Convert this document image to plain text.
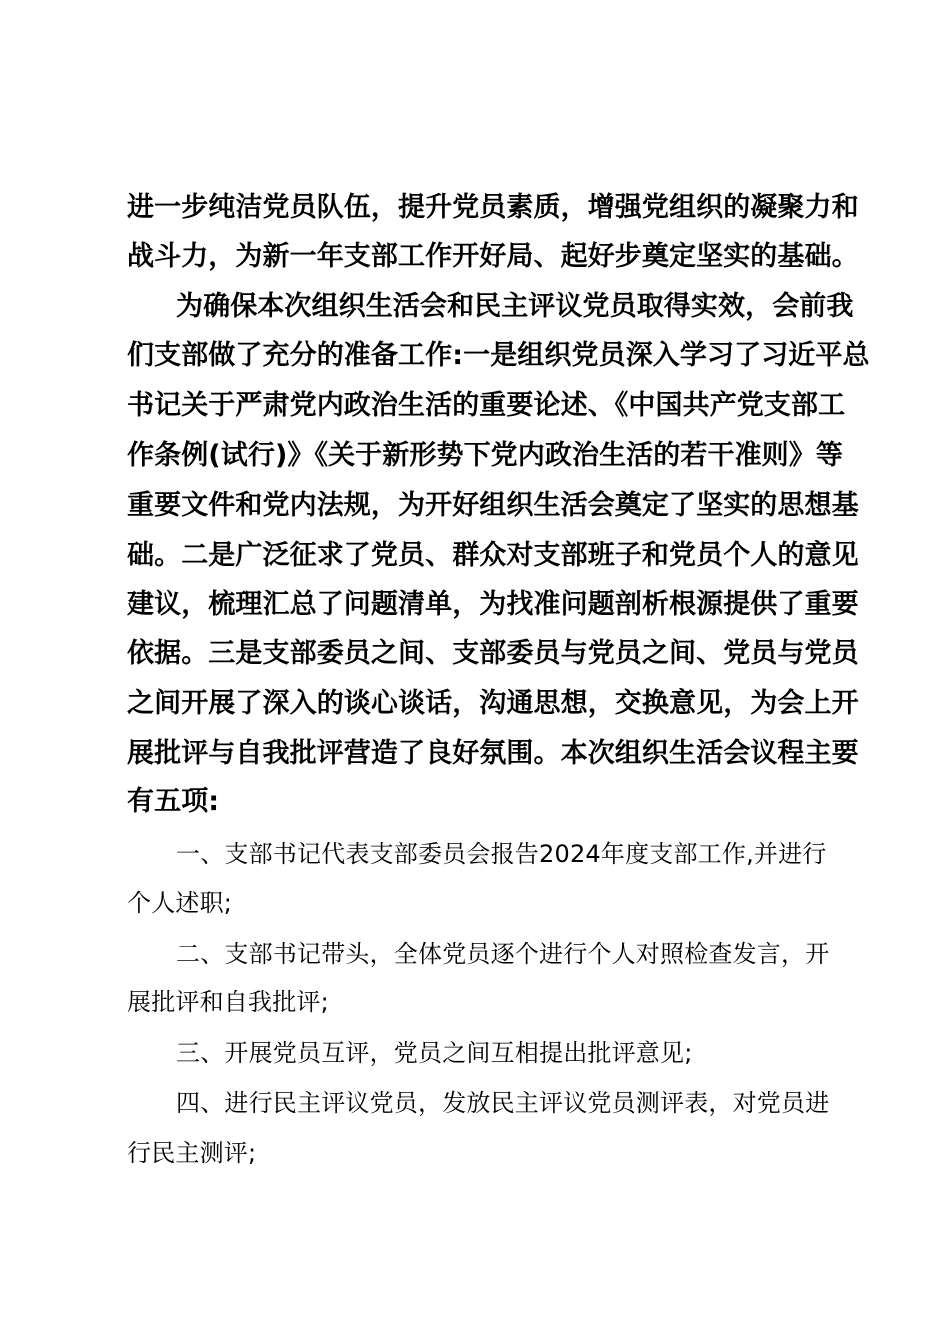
进一步纯洁党员队伍，提升党员素质，增强党组织的凝聚力和
战斗力，为新一年支部工作开好局、起好步奠定坚实的基础。
为确保本次组织生活会和民主评议党员取得实效，会前我
们支部做了充分的准备工作:一是组织党员深入学习了习近平总
书记关于严肃党内政治生活的重要论述、《中国共产党支部工
作条例(试行)》《关于新形势下党内政治生活的若干准则》等
重要文件和党内法规，为开好组织生活会奠定了坚实的思想基
础。二是广泛征求了党员、群众对支部班子和党员个人的意见
建议，梳理汇总了问题清单，为找准问题剖析根源提供了重要
依据。三是支部委员之间、支部委员与党员之间、党员与党员
之间开展了深入的谈心谈话，沟通思想，交换意见，为会上开
展批评与自我批评营造了良好氛围。本次组织生活会议程主要
有五项:
一、支部书记代表支部委员会报告2024年度支部工作,并进行
个人述职;
二、支部书记带头，全体党员逐个进行个人对照检查发言，开
展批评和自我批评;
三、开展党员互评，党员之间互相提出批评意见;
四、进行民主评议党员，发放民主评议党员测评表，对党员进
行民主测评;
